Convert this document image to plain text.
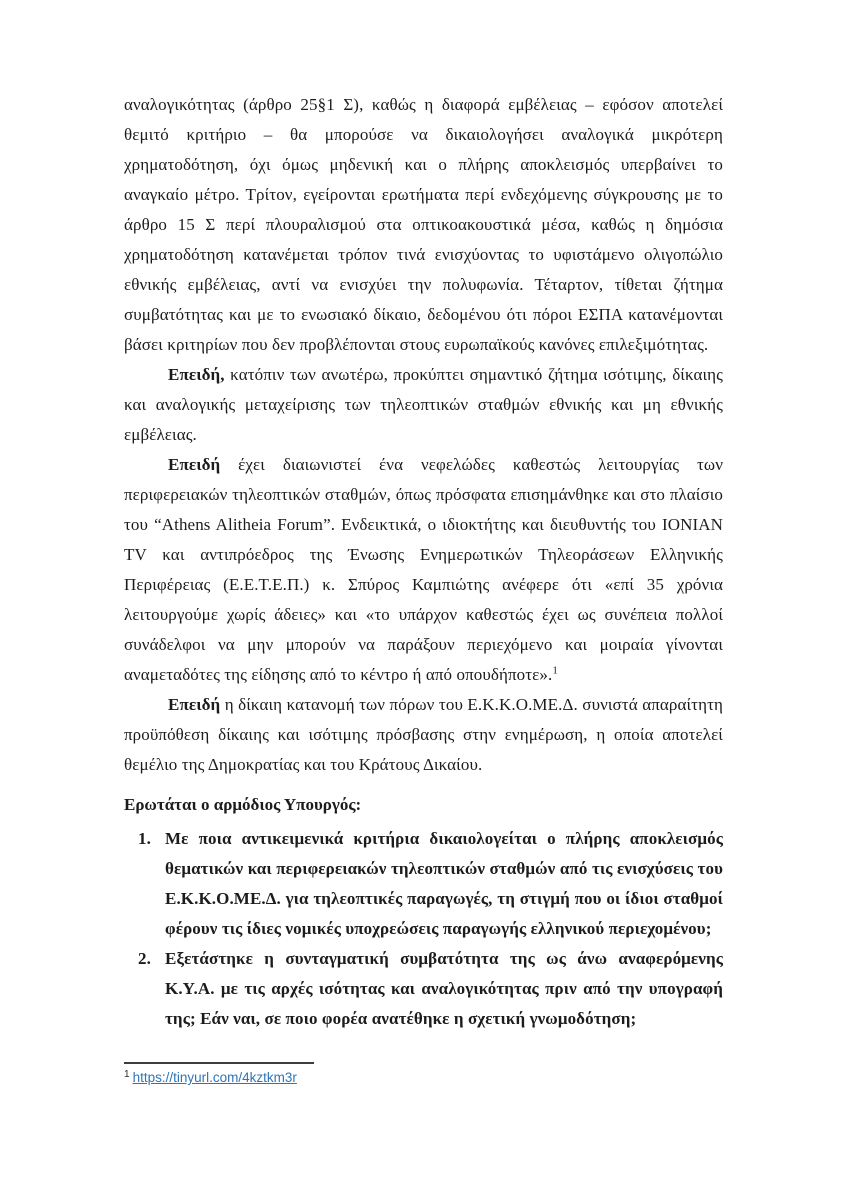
αναλογικότητας (άρθρο 25§1 Σ), καθώς η διαφορά εμβέλειας – εφόσον αποτελεί θεμιτό κριτήριο – θα μπορούσε να δικαιολογήσει αναλογικά μικρότερη χρηματοδότηση, όχι όμως μηδενική και ο πλήρης αποκλεισμός υπερβαίνει το αναγκαίο μέτρο. Τρίτον, εγείρονται ερωτήματα περί ενδεχόμενης σύγκρουσης με το άρθρο 15 Σ περί πλουραλισμού στα οπτικοακουστικά μέσα, καθώς η δημόσια χρηματοδότηση κατανέμεται τρόπον τινά ενισχύοντας το υφιστάμενο ολιγοπώλιο εθνικής εμβέλειας, αντί να ενισχύει την πολυφωνία. Τέταρτον, τίθεται ζήτημα συμβατότητας και με το ενωσιακό δίκαιο, δεδομένου ότι πόροι ΕΣΠΑ κατανέμονται βάσει κριτηρίων που δεν προβλέπονται στους ευρωπαϊκούς κανόνες επιλεξιμότητας.

Επειδή, κατόπιν των ανωτέρω, προκύπτει σημαντικό ζήτημα ισότιμης, δίκαιης και αναλογικής μεταχείρισης των τηλεοπτικών σταθμών εθνικής και μη εθνικής εμβέλειας.

Επειδή έχει διαιωνιστεί ένα νεφελώδες καθεστώς λειτουργίας των περιφερειακών τηλεοπτικών σταθμών, όπως πρόσφατα επισημάνθηκε και στο πλαίσιο του “Athens Alitheia Forum”. Ενδεικτικά, ο ιδιοκτήτης και διευθυντής του IONIAN TV και αντιπρόεδρος της Ένωσης Ενημερωτικών Τηλεοράσεων Ελληνικής Περιφέρειας (Ε.Ε.Τ.Ε.Π.) κ. Σπύρος Καμπιώτης ανέφερε ότι «επί 35 χρόνια λειτουργούμε χωρίς άδειες» και «το υπάρχον καθεστώς έχει ως συνέπεια πολλοί συνάδελφοι να μην μπορούν να παράξουν περιεχόμενο και μοιραία γίνονται αναμεταδότες της είδησης από το κέντρο ή από οπουδήποτε».$^1$

Επειδή η δίκαιη κατανομή των πόρων του Ε.Κ.Κ.Ο.ΜΕ.Δ. συνιστά απαραίτητη προϋπόθεση δίκαιης και ισότιμης πρόσβασης στην ενημέρωση, η οποία αποτελεί θεμέλιο της Δημοκρατίας και του Κράτους Δικαίου.

Ερωτάται ο αρμόδιος Υπουργός:

1. Με ποια αντικειμενικά κριτήρια δικαιολογείται ο πλήρης αποκλεισμός θεματικών και περιφερειακών τηλεοπτικών σταθμών από τις ενισχύσεις του Ε.Κ.Κ.Ο.ΜΕ.Δ. για τηλεοπτικές παραγωγές, τη στιγμή που οι ίδιοι σταθμοί φέρουν τις ίδιες νομικές υποχρεώσεις παραγωγής ελληνικού περιεχομένου;
2. Εξετάστηκε η συνταγματική συμβατότητα της ως άνω αναφερόμενης Κ.Υ.Α. με τις αρχές ισότητας και αναλογικότητας πριν από την υπογραφή της; Εάν ναι, σε ποιο φορέα ανατέθηκε η σχετική γνωμοδότηση;
$^1$ https://tinyurl.com/4kztkm3r
